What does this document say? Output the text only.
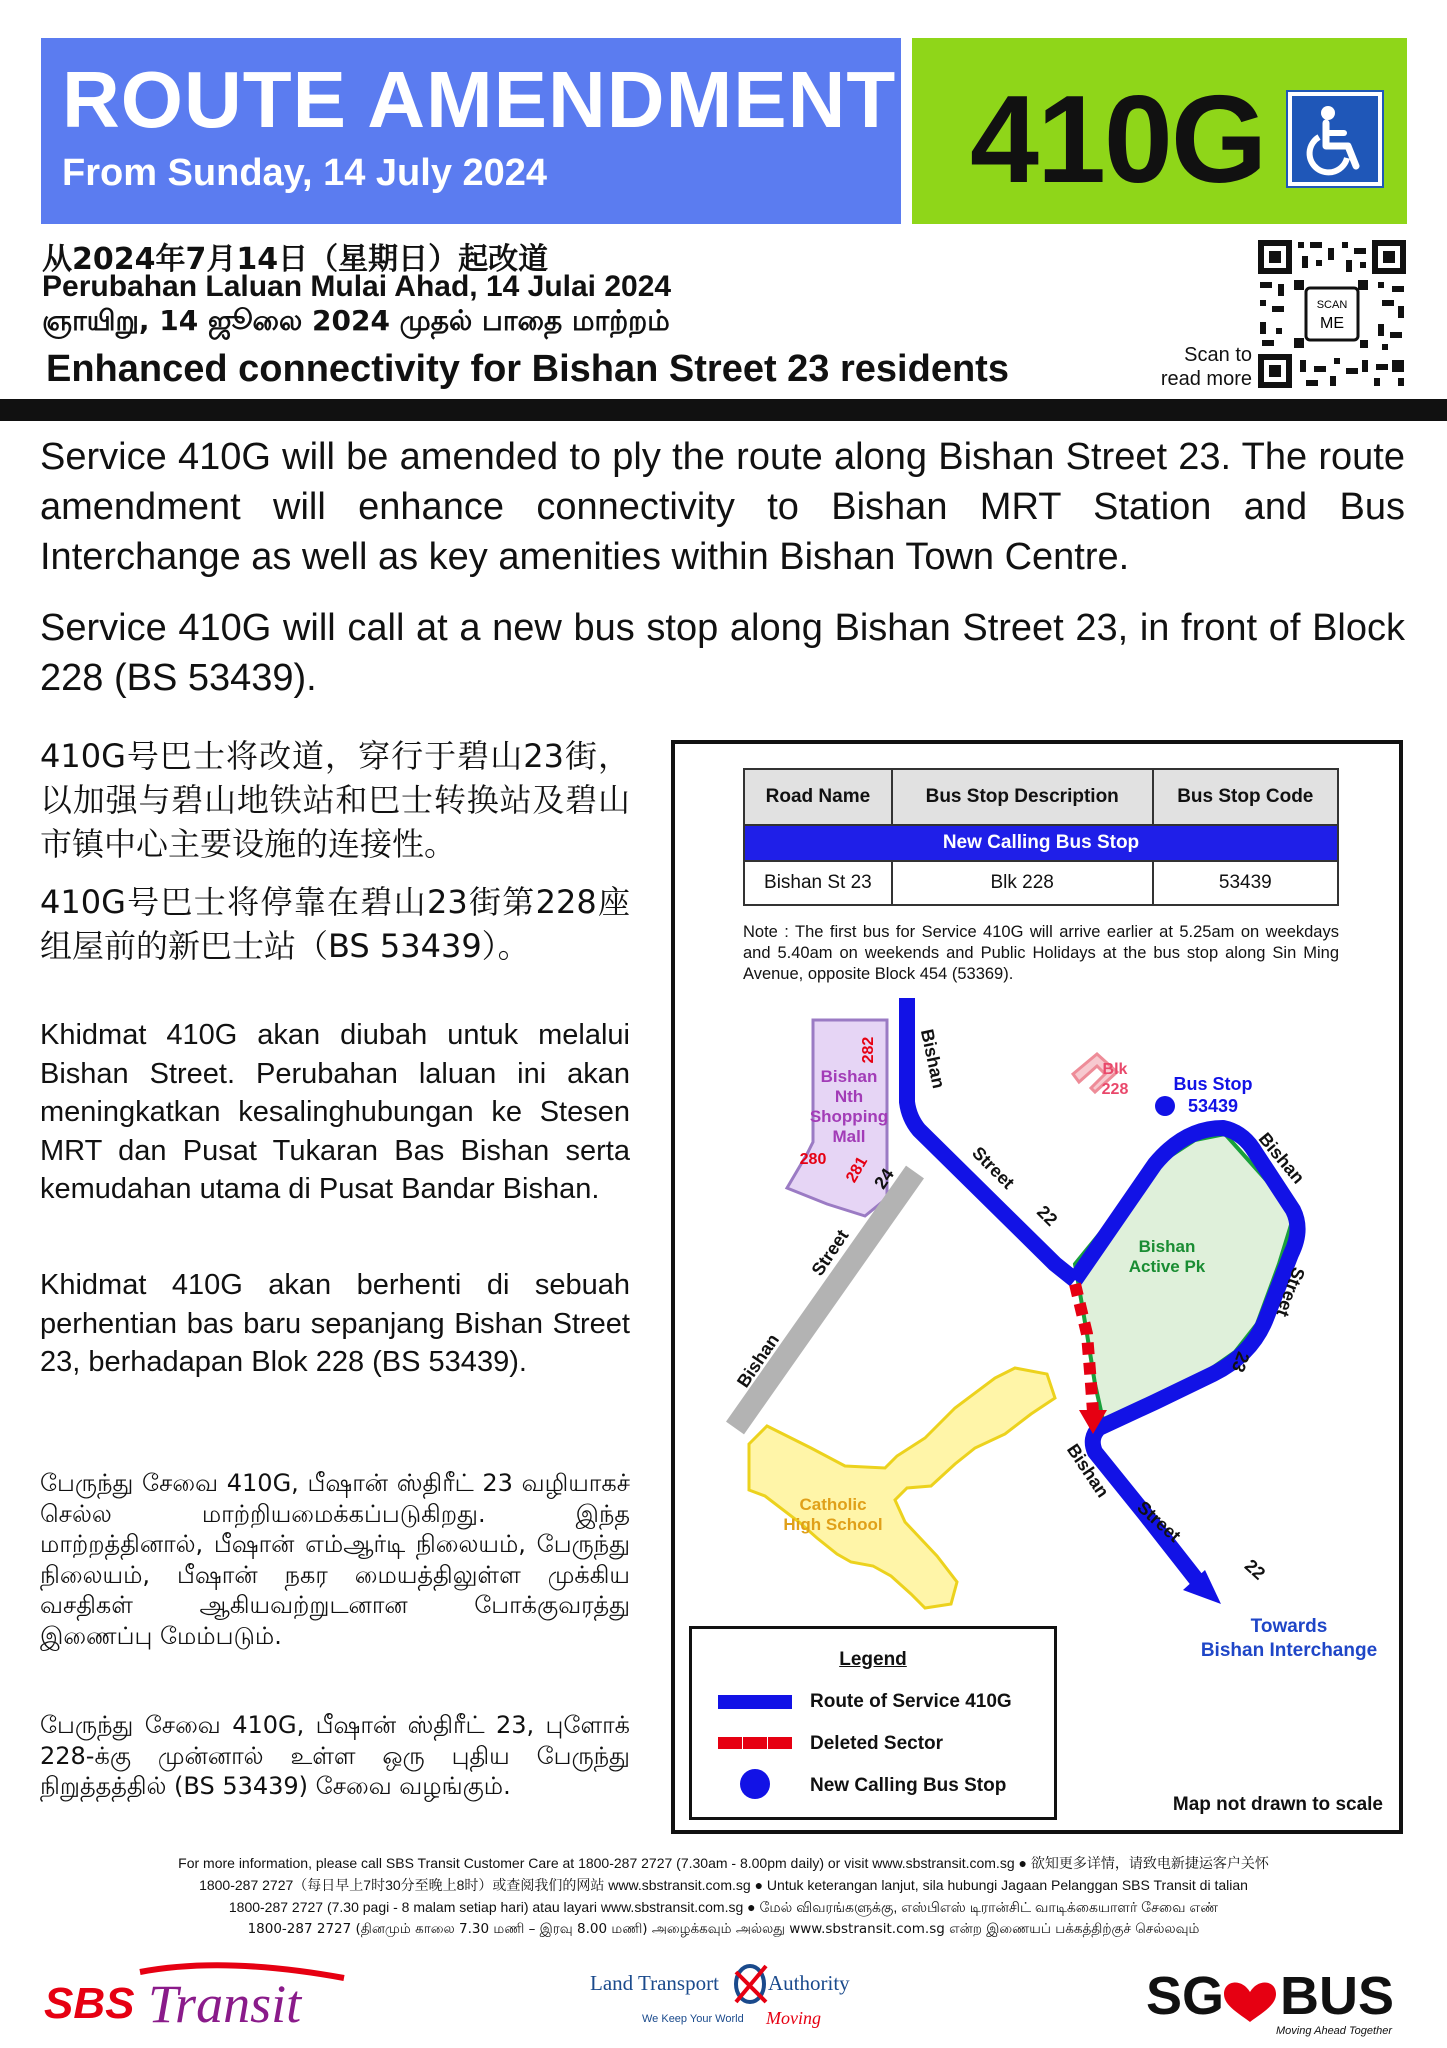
ROUTE AMENDMENT
From Sunday, 14 July 2024	410G
从2024年7月14日（星期日）起改道
Perubahan Laluan Mulai Ahad, 14 Julai 2024
ஞாயிறு, 14 ஜூலை 2024 முதல் பாதை மாற்றம்
Enhanced connectivity for Bishan Street 23 residents
SCAN
ME
Scan to
read more
Service 410G will be amended to ply the route along Bishan Street 23. The route amendment will enhance connectivity to Bishan MRT Station and Bus Interchange as well as key amenities within Bishan Town Centre.
Service 410G will call at a new bus stop along Bishan Street 23, in front of Block 228 (BS 53439).
410G号巴士将改道，穿行于碧山23街，以加强与碧山地铁站和巴士转换站及碧山市镇中心主要设施的连接性。
410G号巴士将停靠在碧山23街第228座组屋前的新巴士站（BS 53439）。
Khidmat 410G akan diubah untuk melalui Bishan Street. Perubahan laluan ini akan meningkatkan kesalinghubungan ke Stesen MRT dan Pusat Tukaran Bas Bishan serta kemudahan utama di Pusat Bandar Bishan.
Khidmat 410G akan berhenti di sebuah perhentian bas baru sepanjang Bishan Street 23, berhadapan Blok 228 (BS 53439).
பேருந்து சேவை 410G, பீஷான் ஸ்திரீட் 23 வழியாகச் செல்ல மாற்றியமைக்கப்படுகிறது. இந்த மாற்றத்தினால், பீஷான் எம்ஆர்டி நிலையம், பேருந்து நிலையம், பீஷான் நகர மையத்திலுள்ள முக்கிய வசதிகள் ஆகியவற்றுடனான போக்குவரத்து இணைப்பு மேம்படும்.
பேருந்து சேவை 410G, பீஷான் ஸ்திரீட் 23, புளோக் 228-க்கு முன்னால் உள்ள ஒரு புதிய பேருந்து நிறுத்தத்தில் (BS 53439) சேவை வழங்கும்.
Bishan
Nth
Shopping
Mall
282
280 281
Blk
228	Bus Stop
53439
Bishan
Active Pk
Catholic
High School
Towards
Bishan Interchange
Bishan
Street
24
Bishan
Street
22
Bishan
Street
23
Bishan
Street
22
Road Name	Bus Stop Description	Bus Stop Code
New Calling Bus Stop		
Bishan St 23	Blk 228	53439
Note : The first bus for Service 410G will arrive earlier at 5.25am on weekdays and 5.40am on weekends and Public Holidays at the bus stop along Sin Ming Avenue, opposite Block 454 (53369).
Legend
Route of Service 410G
Deleted Sector
New Calling Bus Stop
Map not drawn to scale
For more information, please call SBS Transit Customer Care at 1800-287 2727 (7.30am - 8.00pm daily) or visit www.sbstransit.com.sg ● 欲知更多详情，请致电新捷运客户关怀
1800-287 2727（每日早上7时30分至晚上8时）或查阅我们的网站 www.sbstransit.com.sg ● Untuk keterangan lanjut, sila hubungi Jagaan Pelanggan SBS Transit di talian
1800-287 2727 (7.30 pagi - 8 malam setiap hari) atau layari www.sbstransit.com.sg ● மேல் விவரங்களுக்கு, எஸ்பிஎஸ் டிரான்சிட் வாடிக்கையாளர் சேவை எண்
1800-287 2727 (தினமும் காலை 7.30 மணி – இரவு 8.00 மணி) அழைக்கவும் அல்லது www.sbstransit.com.sg என்ற இணையப் பக்கத்திற்குச் செல்லவும்
SBS Transit	Land Transport Authority
We Keep Your World Moving	SG BUS
Moving Ahead Together
